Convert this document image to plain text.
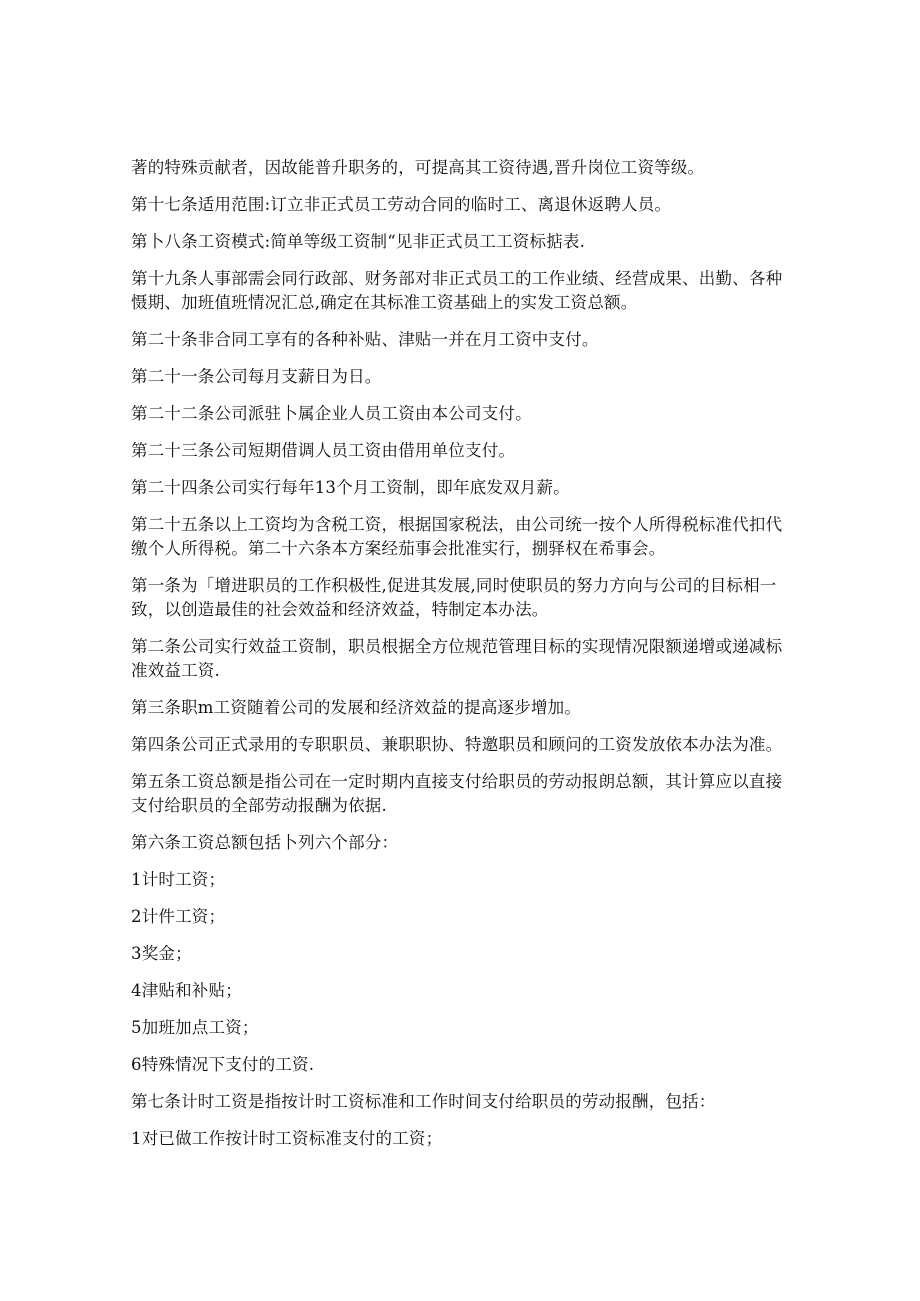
著的特殊贡献者，因故能普升职务的，可提高其工资待遇,晋升岗位工资等级。

第十七条适用范围:订立非正式员工劳动合同的临时工、离退休返聘人员。

第卜八条工资模式:简单等级工资制“见非正式员工工资标掂表.

第十九条人事部需会同行政部、财务部对非正式员工的工作业绩、经营成果、出勤、各种慑期、加班值班情况汇总,确定在其标准工资基础上的实发工资总额。

第二十条非合同工享有的各种补贴、津贴一并在月工资中支付。

第二十一条公司每月支薪日为日。

第二十二条公司派驻卜属企业人员工资由本公司支付。

第二十三条公司短期借调人员工资由借用单位支付。

第二十四条公司实行每年13个月工资制，即年底发双月薪。

第二十五条以上工资均为含税工资，根据国家税法，由公司统一按个人所得税标准代扣代缴个人所得税。第二十六条本方案经茄事会批准实行，捌驿权在希事会。

第一条为「增进职员的工作积极性,促进其发展,同时使职员的努力方向与公司的目标相一致，以创造最佳的社会效益和经济效益，特制定本办法。

第二条公司实行效益工资制，职员根据全方位规范管理目标的实现情况限额递增或递减标准效益工资.

第三条职m工资随着公司的发展和经济效益的提高逐步增加。

第四条公司正式录用的专职职员、兼职职协、特邀职员和顾问的工资发放依本办法为准。

第五条工资总额是指公司在一定时期内直接支付给职员的劳动报朗总额，其计算应以直接支付给职员的全部劳动报酬为依据.

第六条工资总额包括卜列六个部分：

1计时工资；

2计件工资；

3奖金；

4津贴和补贴；

5加班加点工资；

6特殊情况下支付的工资.

第七条计时工资是指按计时工资标准和工作时间支付给职员的劳动报酬，包括：

1对已做工作按计时工资标准支付的工资；
